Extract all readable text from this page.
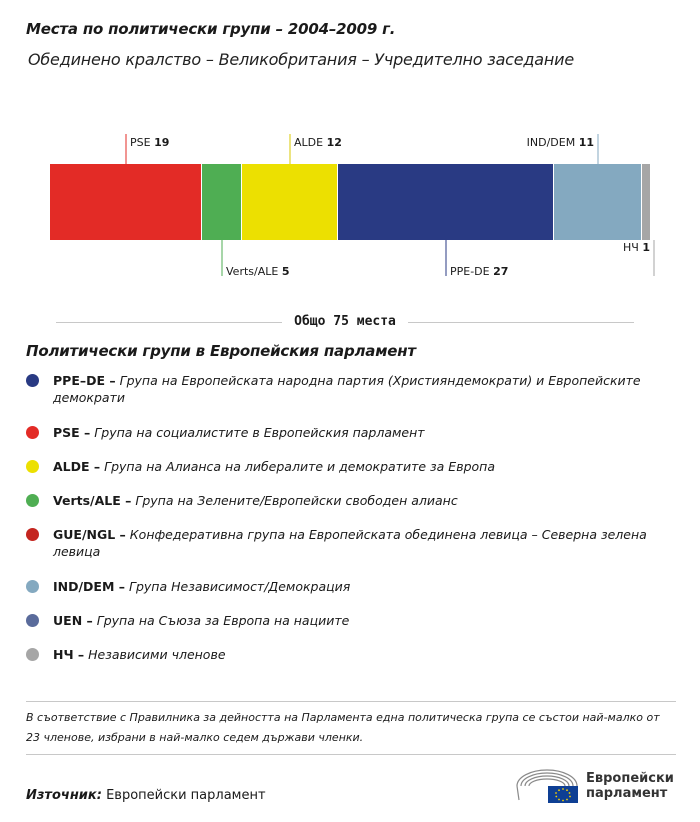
Места по политически групи – 2004–2009 г.
Обединено кралство – Великобритания – Учредително заседание
PSE 19
Verts/ALE 5
ALDE 12
PPE-DE 27
IND/DEM 11
НЧ 1
Общо 75 места
Политически групи в Европейския парламент
PPE–DE – Група на Европейската народна партия (Християндемократи) и Европейските демократи
PSE – Група на социалистите в Европейския парламент
ALDE – Група на Алианса на либералите и демократите за Европа
Verts/ALE – Група на Зелените/Европейски свободен алианс
GUE/NGL – Конфедеративна група на Европейската обединена левица – Северна зелена левица
IND/DEM – Група Независимост/Демокрация
UEN – Група на Съюза за Европа на нациите
НЧ – Независими членове
В съответствие с Правилника за дейността на Парламента една политическа група се състои най-малко от 23 членове, избрани в най-малко седем държави членки.
Източник: Европейски парламент
Европейски
парламент
